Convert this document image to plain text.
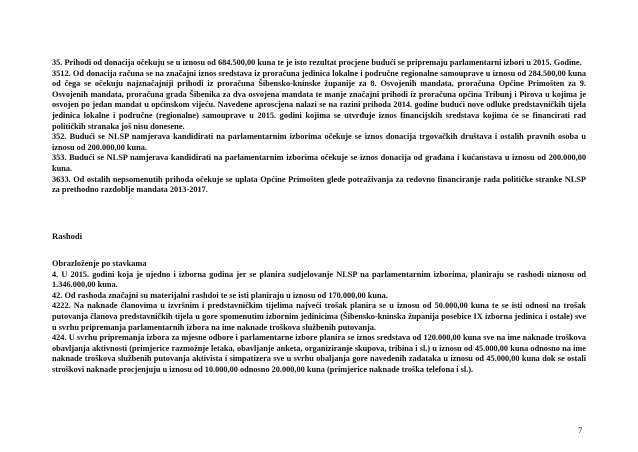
35. Prihodi od donacija očekuju se u iznosu od 684.500,00 kuna te je isto rezultat procjene budući se pripremaju parlamentarni izbori u 2015. Godine.

3512. Od donacija računa se na značajni iznos sredstava iz proračuna jedinica lokalne i područne regionalne samouprave u iznosu od 284.500,00 kuna od čega se očekuju najznačajniji prihodi iz proračuna Šibensko-kninske županije za 8. Osvojenih mandata, proračuna Općine Primošten za 9. Osvojenih mandata, proračuna grada Šibenika za dva osvojena mandata te manje značajni prihodi iz proračuna općina Tribunj i Pirova u kojima je osvojen po jedan mandat u općinskom vijeću. Navedene aproscjena nalazi se na razini prihoda 2014. godine budući nove odluke predstavničkih tijela jedinica lokalne i područne (regionalne) samouprave u 2015. godini kojima se utvrđuje iznos financijskih sredstava kojima će se financirati rad političkih stranaka još nisu donesene.

352. Budući se NLSP namjerava kandidirati na parlamentarnim izborima očekuje se iznos donacija trgovačkih društava i ostalih pravnih osoba u iznosu od 200.000,00 kuna.

353. Budući se NLSP namjerava kandidirati na parlamentarnim izborima očekuje se iznos donacija od građana i kućanstava u iznosu od 200.000,00 kuna.

3633. Od ostalih nepsomenutih prihoda očekuje se uplata Općine Primošten glede potraživanja za redovno financiranje rada političke stranke NLSP za prethodno razdoblje mandata 2013-2017.

Rashodi

Obrazloženje po stavkama

4. U 2015. godini koja je ujedno i izborna godina jer se planira sudjelovanje NLSP na parlamentarnim izborima, planiraju se rashodi uiznosu od 1.346.000,00 kuna.

42. Od rashoda značajni su materijalni rashdoi te se isti planiraju u iznosu od 170.000,00 kuna.

4222. Na naknade članovima u izvršnim i predstavničkim tijelima najveći trošak planira se u iznosu od 50.000,00 kuna te se isti odnosi na trošak putovanja članova predstavničkih tijela u gore spomenutim izbornim jedinicima (Šibensko-kninska županija posebice IX izborna jedinica i ostale) sve u svrhu pripremanja parlamentarnih izbora na ime naknade troškova službenih putovanja.

424. U svrhu pripremanja izbora za mjesne odbore i parlamentarne izbore planira se iznos sredstava od 120.000,00 kuna sve na ime naknade troškova obavljanja aktivnosti (primjerice razmožnje letaka, obavljanje anketa, organiziranje skupova, tribina i sl.) u iznosu od 45.000,00 kuna odnosno na ime naknade troškova službenih putovanja aktivista i simpatizera sve u svrhu obaljanja gore navedenih zadataka u iznosu od 45.000,00 kuna dok se ostali stroškovi naknade procjenjuju u iznosu od 10.000,00 odnosno 20.000,00 kuna (primjerice naknade troška telefona i sl.).

7
